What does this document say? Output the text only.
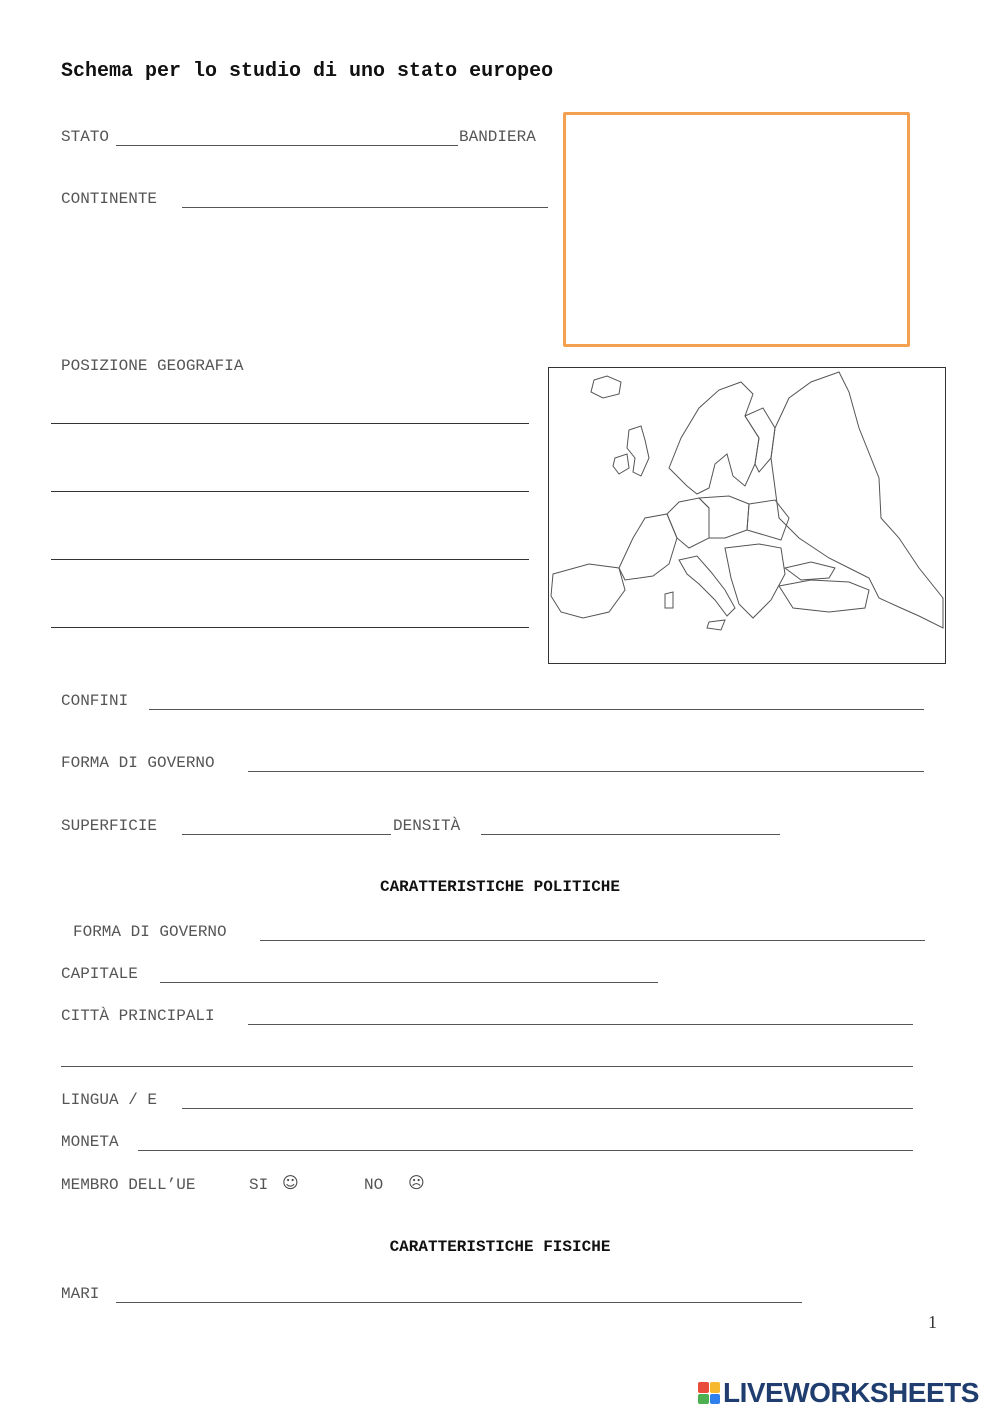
Schema per lo studio di uno stato europeo
STATO	BANDIERA
CONTINENTE
POSIZIONE GEOGRAFIA
CONFINI
FORMA DI GOVERNO
SUPERFICIE	DENSITÀ
CARATTERISTICHE POLITICHE
FORMA DI GOVERNO
CAPITALE
CITTÀ PRINCIPALI
LINGUA / E
MONETA
MEMBRO DELL’UE	SI ☺	NO ☹
CARATTERISTICHE FISICHE
MARI
1
LIVEWORKSHEETS
